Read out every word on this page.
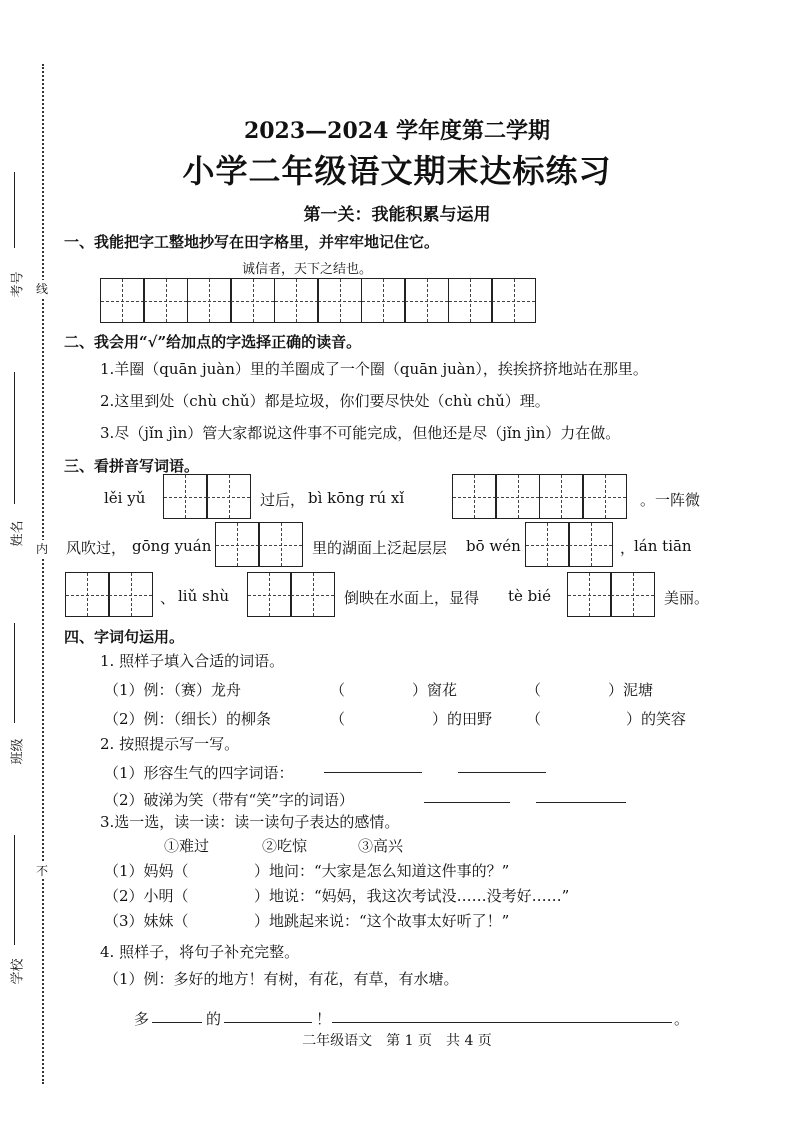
考号 线
姓名
内
班级
不
学校
2023—2024 学年度第二学期
小学二年级语文期末达标练习
第一关：我能积累与运用
一、我能把字工整地抄写在田字格里，并牢牢地记住它。
诚信者，天下之结也。
二、我会用“√”给加点的字选择正确的读音。
1.羊圈（quān juàn）里的羊圈成了一个圈（quān juàn），挨挨挤挤地站在那里。
2.这里到处（chù chǔ）都是垃圾，你们要尽快处（chù chǔ）理。
3.尽（jǐn jìn）管大家都说这件事不可能完成，但他还是尽（jǐn jìn）力在做。
三、看拼音写词语。
lěi yǔ	过后， bì kōng rú xǐ	。一阵微
风吹过， gōng yuán	里的湖面上泛起层层 bō wén	，
lán tiān
、 liǔ shù	倒映在水面上，显得 tè bié	美丽。
四、字词句运用。
1. 照样子填入合适的词语。
（1）例：（赛）龙舟	（	）窗花	（	）泥塘
（2）例：（细长）的柳条	（	）的田野 （	）的笑容
2. 按照提示写一写。
（1）形容生气的四字词语：
（2）破涕为笑（带有“笑”字的词语）
3.选一选，读一读：读一读句子表达的感情。
①难过	②吃惊	③高兴
（1）妈妈（	）地问：“大家是怎么知道这件事的？”
（2）小明（	）地说：“妈妈，我这次考试没……没考好……”
（3）妹妹（	）地跳起来说：“这个故事太好听了！”
4. 照样子，将句子补充完整。
（1）例：多好的地方！有树，有花，有草，有水塘。
多	的	！	。
二年级语文　第 1 页　共 4 页
